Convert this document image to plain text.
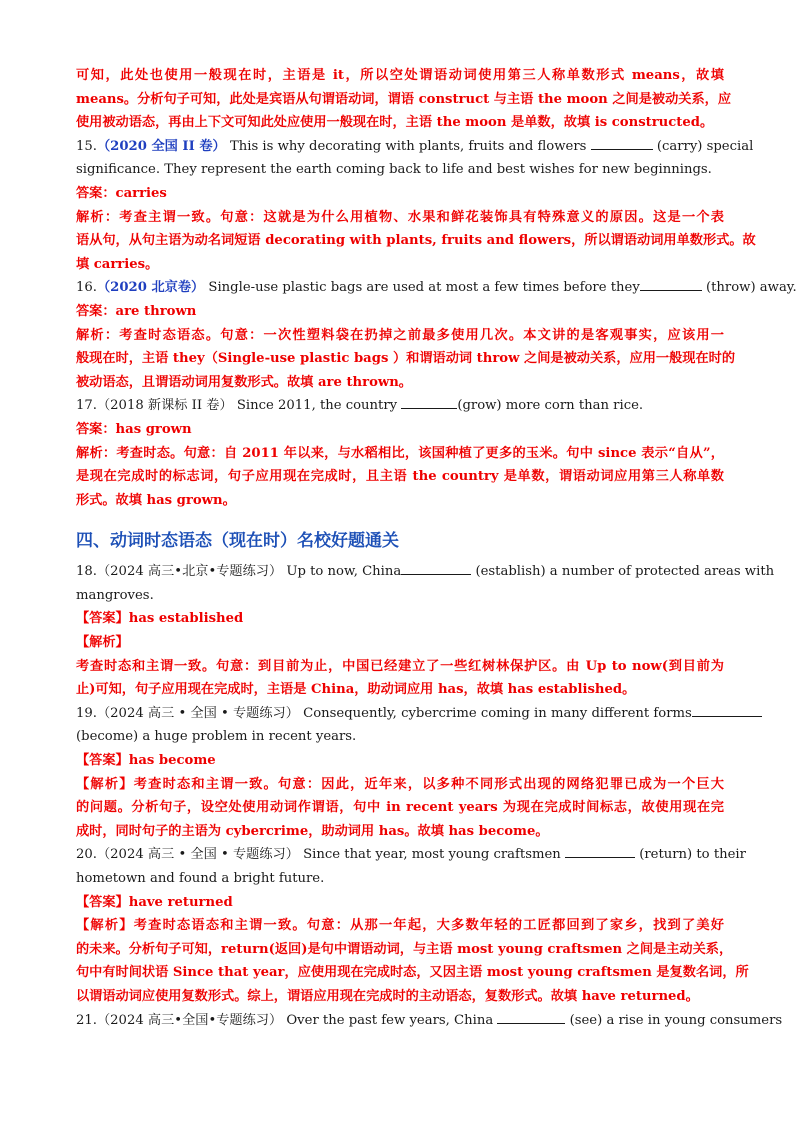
可知，此处也使用一般现在时，主语是 it，所以空处谓语动词使用第三人称单数形式 means，故填
means。分析句子可知，此处是宾语从句谓语动词，谓语 construct 与主语 the moon 之间是被动关系，应
使用被动语态，再由上下文可知此处应使用一般现在时，主语 the moon 是单数，故填 is constructed。
15.（2020 全国 II 卷） This is why decorating with plants, fruits and flowers	(carry) special
significance. They represent the earth coming back to life and best wishes for new beginnings.
答案：carries
解析：考查主谓一致。句意：这就是为什么用植物、水果和鲜花装饰具有特殊意义的原因。这是一个表
语从句，从句主语为动名词短语 decorating with plants, fruits and flowers，所以谓语动词用单数形式。故
填 carries。
16.（2020 北京卷） Single-use plastic bags are used at most a few times before they	(throw) away.
答案：are thrown
解析：考查时态语态。句意：一次性塑料袋在扔掉之前最多使用几次。本文讲的是客观事实，应该用一
般现在时，主语 they（Single-use plastic bags ）和谓语动词 throw 之间是被动关系，应用一般现在时的
被动语态，且谓语动词用复数形式。故填 are thrown。
17.（2018 新课标 II 卷） Since 2011, the country	(grow) more corn than rice.
答案：has grown
解析：考查时态。句意：自 2011 年以来，与水稻相比，该国种植了更多的玉米。句中 since 表示“自从”，
是现在完成时的标志词，句子应用现在完成时，且主语 the country 是单数，谓语动词应用第三人称单数
形式。故填 has grown。
四、动词时态语态（现在时）名校好题通关
18.（2024 高三•北京•专题练习） Up to now, China	(establish) a number of protected areas with
mangroves.
【答案】has established
【解析】
考查时态和主谓一致。句意：到目前为止，中国已经建立了一些红树林保护区。由 Up to now(到目前为
止)可知，句子应用现在完成时，主语是 China，助动词应用 has，故填 has established。
19.（2024 高三 • 全国 • 专题练习） Consequently, cybercrime coming in many different forms
(become) a huge problem in recent years.
【答案】has become
【解析】考查时态和主谓一致。句意：因此，近年来，以多种不同形式出现的网络犯罪已成为一个巨大
的问题。分析句子，设空处使用动词作谓语，句中 in recent years 为现在完成时间标志，故使用现在完
成时，同时句子的主语为 cybercrime，助动词用 has。故填 has become。
20.（2024 高三 • 全国 • 专题练习） Since that year, most young craftsmen	(return) to their
hometown and found a bright future.
【答案】have returned
【解析】考查时态语态和主谓一致。句意：从那一年起，大多数年轻的工匠都回到了家乡，找到了美好
的未来。分析句子可知，return(返回)是句中谓语动词，与主语 most young craftsmen 之间是主动关系，
句中有时间状语 Since that year，应使用现在完成时态，又因主语 most young craftsmen 是复数名词，所
以谓语动词应使用复数形式。综上，谓语应用现在完成时的主动语态，复数形式。故填 have returned。
21.（2024 高三•全国•专题练习） Over the past few years, China	(see) a rise in young consumers
